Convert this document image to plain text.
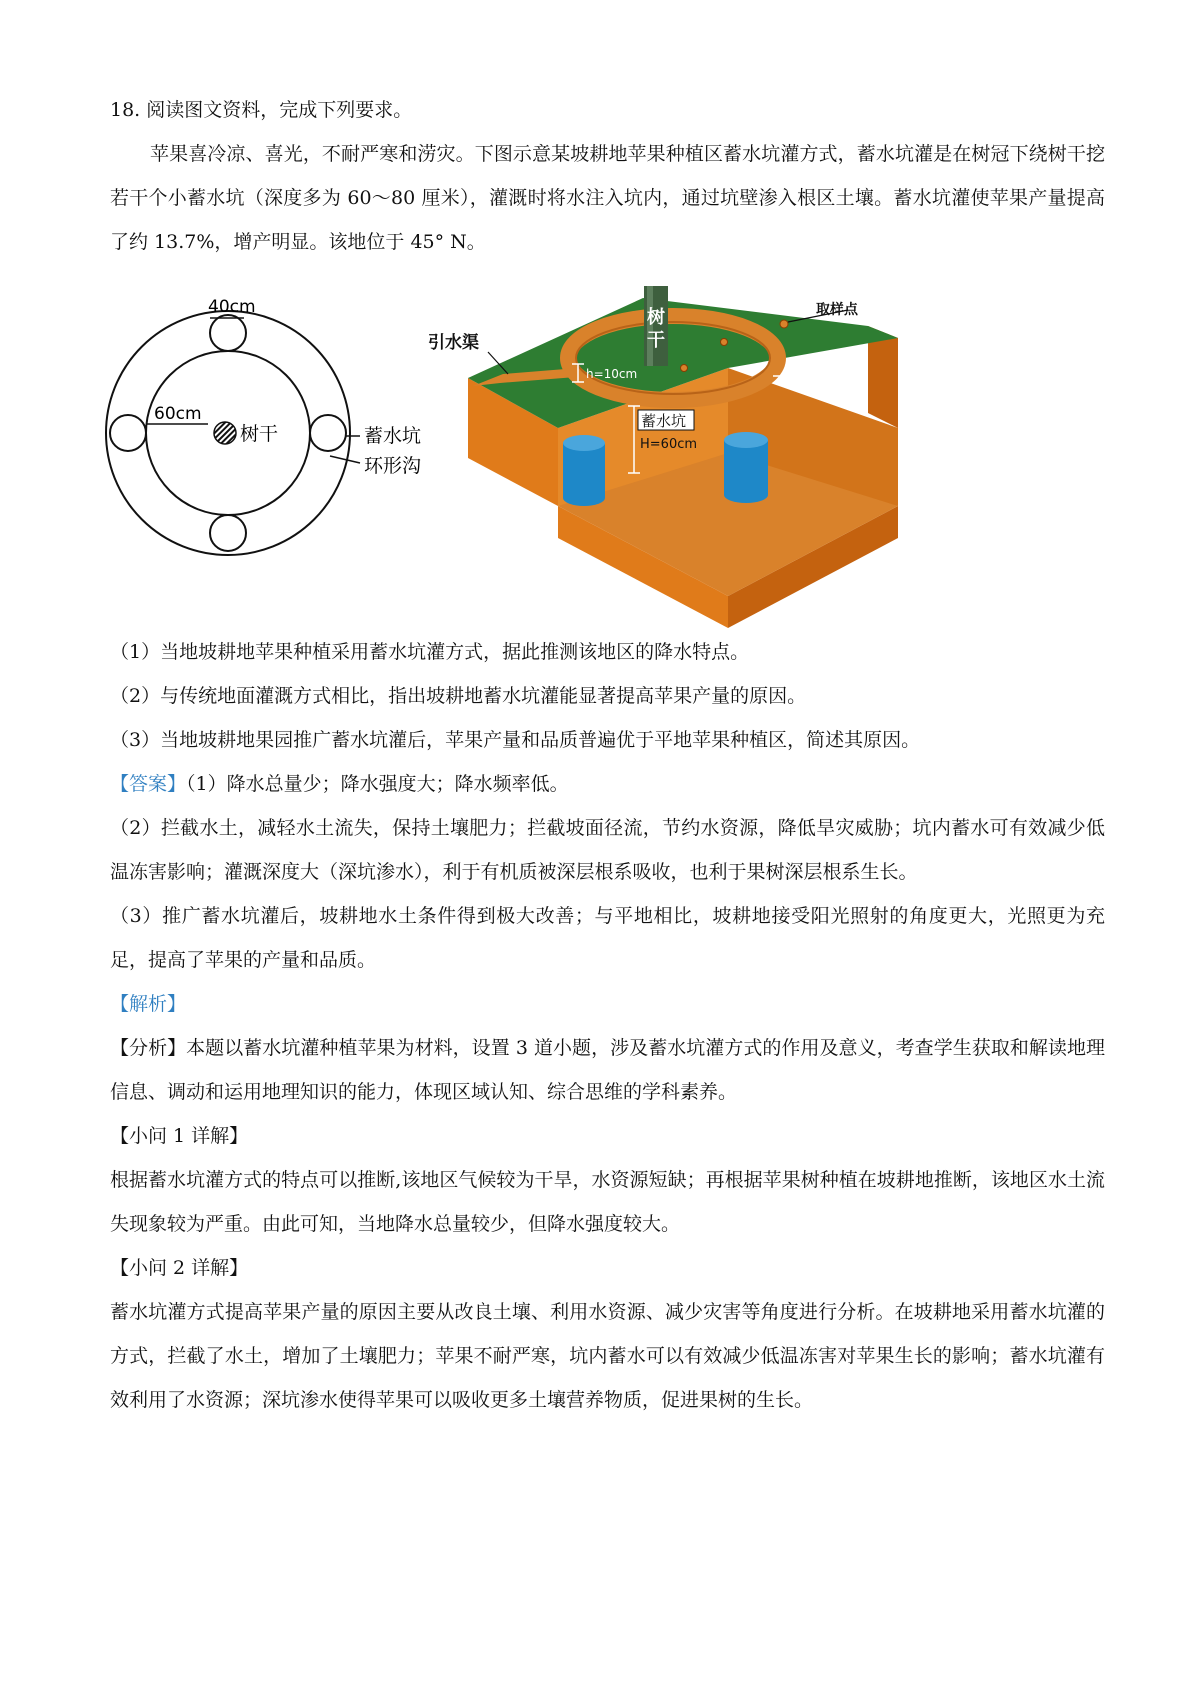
18. 阅读图文资料，完成下列要求。

苹果喜冷凉、喜光，不耐严寒和涝灾。下图示意某坡耕地苹果种植区蓄水坑灌方式，蓄水坑灌是在树冠下绕树干挖若干个小蓄水坑（深度多为 60～80 厘米），灌溉时将水注入坑内，通过坑壁渗入根区土壤。蓄水坑灌使苹果产量提高了约 13.7%，增产明显。该地位于 45° N。

40cm
60cm
树干	蓄水坑
环形沟
引水渠
树
干
取样点
h=10cm	b=30cm
蓄水坑
H=60cm

（1）当地坡耕地苹果种植采用蓄水坑灌方式，据此推测该地区的降水特点。

（2）与传统地面灌溉方式相比，指出坡耕地蓄水坑灌能显著提高苹果产量的原因。

（3）当地坡耕地果园推广蓄水坑灌后，苹果产量和品质普遍优于平地苹果种植区，简述其原因。

【答案】（1）降水总量少；降水强度大；降水频率低。

（2）拦截水土，减轻水土流失，保持土壤肥力；拦截坡面径流，节约水资源，降低旱灾威胁；坑内蓄水可有效减少低温冻害影响；灌溉深度大（深坑渗水），利于有机质被深层根系吸收，也利于果树深层根系生长。

（3）推广蓄水坑灌后，坡耕地水土条件得到极大改善；与平地相比，坡耕地接受阳光照射的角度更大，光照更为充足，提高了苹果的产量和品质。

【解析】

【分析】本题以蓄水坑灌种植苹果为材料，设置 3 道小题，涉及蓄水坑灌方式的作用及意义，考查学生获取和解读地理信息、调动和运用地理知识的能力，体现区域认知、综合思维的学科素养。

【小问 1 详解】

根据蓄水坑灌方式的特点可以推断,该地区气候较为干旱，水资源短缺；再根据苹果树种植在坡耕地推断，该地区水土流失现象较为严重。由此可知，当地降水总量较少，但降水强度较大。

【小问 2 详解】

蓄水坑灌方式提高苹果产量的原因主要从改良土壤、利用水资源、减少灾害等角度进行分析。在坡耕地采用蓄水坑灌的方式，拦截了水土，增加了土壤肥力；苹果不耐严寒，坑内蓄水可以有效减少低温冻害对苹果生长的影响；蓄水坑灌有效利用了水资源；深坑渗水使得苹果可以吸收更多土壤营养物质，促进果树的生长。
